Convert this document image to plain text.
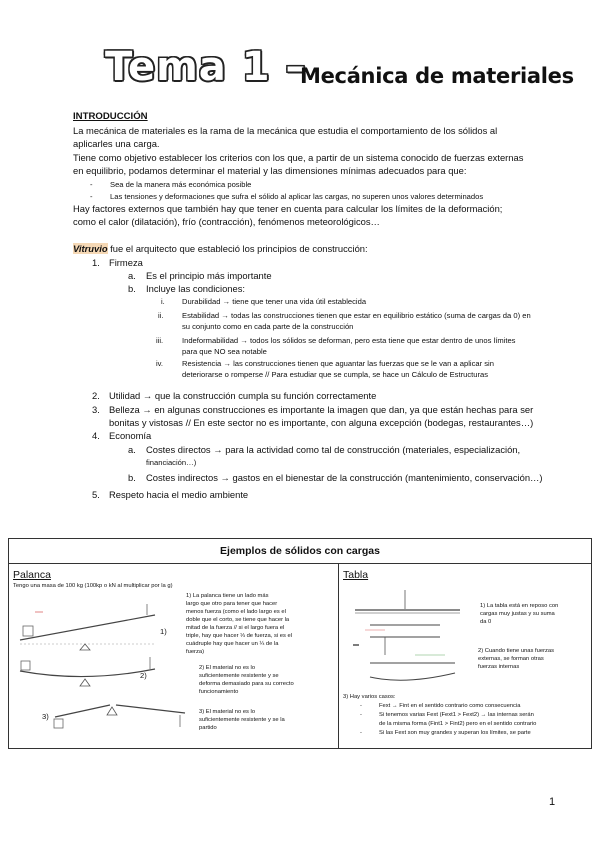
Tema 1 –
Mecánica de materiales
INTRODUCCIÓN
La mecánica de materiales es la rama de la mecánica que estudia el comportamiento de los sólidos al
aplicarles una carga.
Tiene como objetivo establecer los criterios con los que, a partir de un sistema conocido de fuerzas externas
en equilibrio, podamos determinar el material y las dimensiones mínimas adecuados para que:
- Sea de la manera más económica posible
- Las tensiones y deformaciones que sufra el sólido al aplicar las cargas, no superen unos valores determinados
Hay factores externos que también hay que tener en cuenta para calcular los límites de la deformación;
como el calor (dilatación), frío (contracción), fenómenos meteorológicos…
Vitruvio fue el arquitecto que estableció los principios de construcción:
1. Firmeza
a. Es el principio más importante
b. Incluye las condiciones:
i. Durabilidad → tiene que tener una vida útil establecida
ii. Estabilidad → todas las construcciones tienen que estar en equilibrio estático (suma de cargas da 0) en
su conjunto como en cada parte de la construcción
iii. Indeformabilidad → todos los sólidos se deforman, pero esta tiene que estar dentro de unos límites
para que NO sea notable
iv. Resistencia → las construcciones tienen que aguantar las fuerzas que se le van a aplicar sin
deteriorarse o romperse // Para estudiar que se cumpla, se hace un Cálculo de Estructuras
2. Utilidad → que la construcción cumpla su función correctamente
3. Belleza → en algunas construcciones es importante la imagen que dan, ya que están hechas para ser
bonitas y vistosas // En este sector no es importante, con alguna excepción (bodegas, restaurantes…)
4. Economía
a. Costes directos → para la actividad como tal de construcción (materiales, especialización,
financiación…)
b. Costes indirectos → gastos en el bienestar de la construcción (mantenimiento, conservación…)
5. Respeto hacia el medio ambiente
Ejemplos de sólidos con cargas
Palanca
Tengo una masa de 100 kg (100kp o kN al multiplicar por la g)
1)
2)
3)
1) La palanca tiene un lado más
largo que otro para tener que hacer
menos fuerza (como el lado largo es el
doble que el corto, se tiene que hacer la
mitad de la fuerza // si el largo fuera el
triple, hay que hacer ⅓ de fuerza, si es el
cuádruple hay que hacer un ¼ de la
fuerza)
2) El material no es lo
suficientemente resistente y se
deforma demasiado para su correcto
funcionamiento
3) El material no es lo
suficientemente resistente y se la
partido
Tabla
1) La tabla está en reposo con
cargas muy justas y su suma
da 0
2) Cuando tiene unas fuerzas
externas, se forman otras
fuerzas internas
3) Hay varios casos:
-	Fext → Fint en el sentido contrario como consecuencia
-	Si tenemos varias Fext (Fext1 > Fext2) → las internas serán
de la misma forma (Fint1 > Fint2) pero en el sentido contrario
-	Si las Fext son muy grandes y superan los límites, se parte
1
